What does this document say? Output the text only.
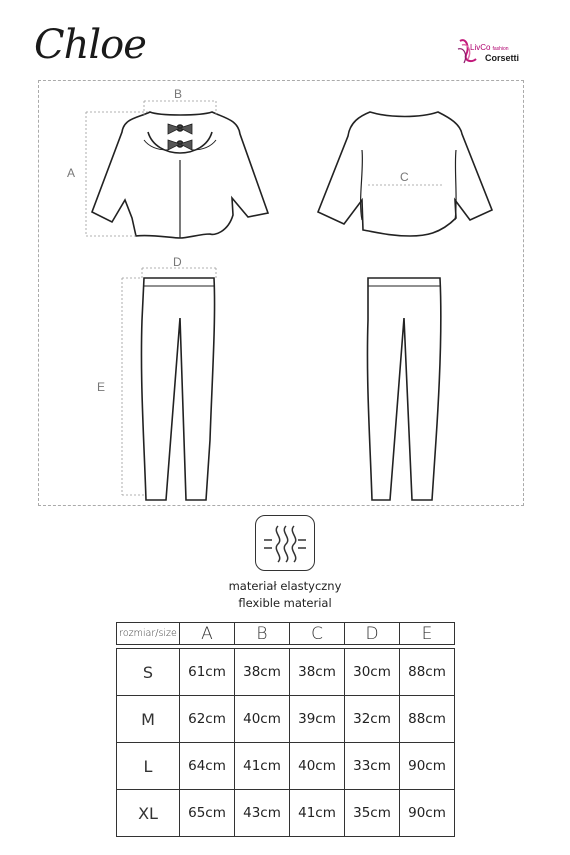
Chloe	LivCo fashion
Corsetti
B
A	C
D
E
materiał elastyczny
flexible material
rozmiar/size	A	B	C	D	E

S	61cm	38cm	38cm	30cm	88cm
M	62cm	40cm	39cm	32cm	88cm
L	64cm	41cm	40cm	33cm	90cm
XL	65cm	43cm	41cm	35cm	90cm
